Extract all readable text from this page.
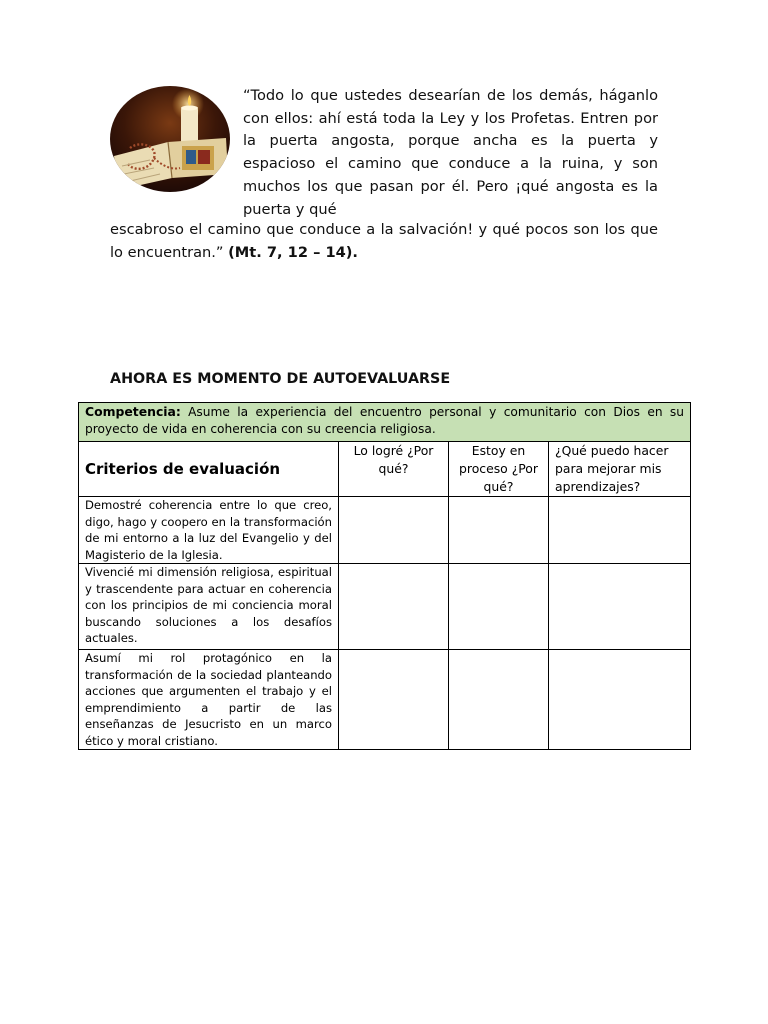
“Todo lo que ustedes desearían de los demás, háganlo con ellos: ahí está toda la Ley y los Profetas. Entren por la puerta angosta, porque ancha es la puerta y espacioso el camino que conduce a la ruina, y son muchos los que pasan por él. Pero ¡qué angosta es la puerta y qué

escabroso el camino que conduce a la salvación! y qué pocos son los que lo encuentran.” (Mt. 7, 12 – 14).

AHORA ES MOMENTO DE AUTOEVALUARSE
Competencia: Asume la experiencia del encuentro personal y comunitario con Dios en su proyecto de vida en coherencia con su creencia religiosa.			
Criterios de evaluación	Lo logré ¿Por qué?	Estoy en proceso ¿Por qué?	¿Qué puedo hacer para mejorar mis aprendizajes?
Demostré coherencia entre lo que creo, digo, hago y coopero en la transformación de mi entorno a la luz del Evangelio y del Magisterio de la Iglesia.			
Vivencié mi dimensión religiosa, espiritual y trascendente para actuar en coherencia con los principios de mi conciencia moral buscando soluciones a los desafíos actuales.			
Asumí mi rol protagónico en la transformación de la sociedad planteando acciones que argumenten el trabajo y el emprendimiento a partir de las enseñanzas de Jesucristo en un marco ético y moral cristiano.			
